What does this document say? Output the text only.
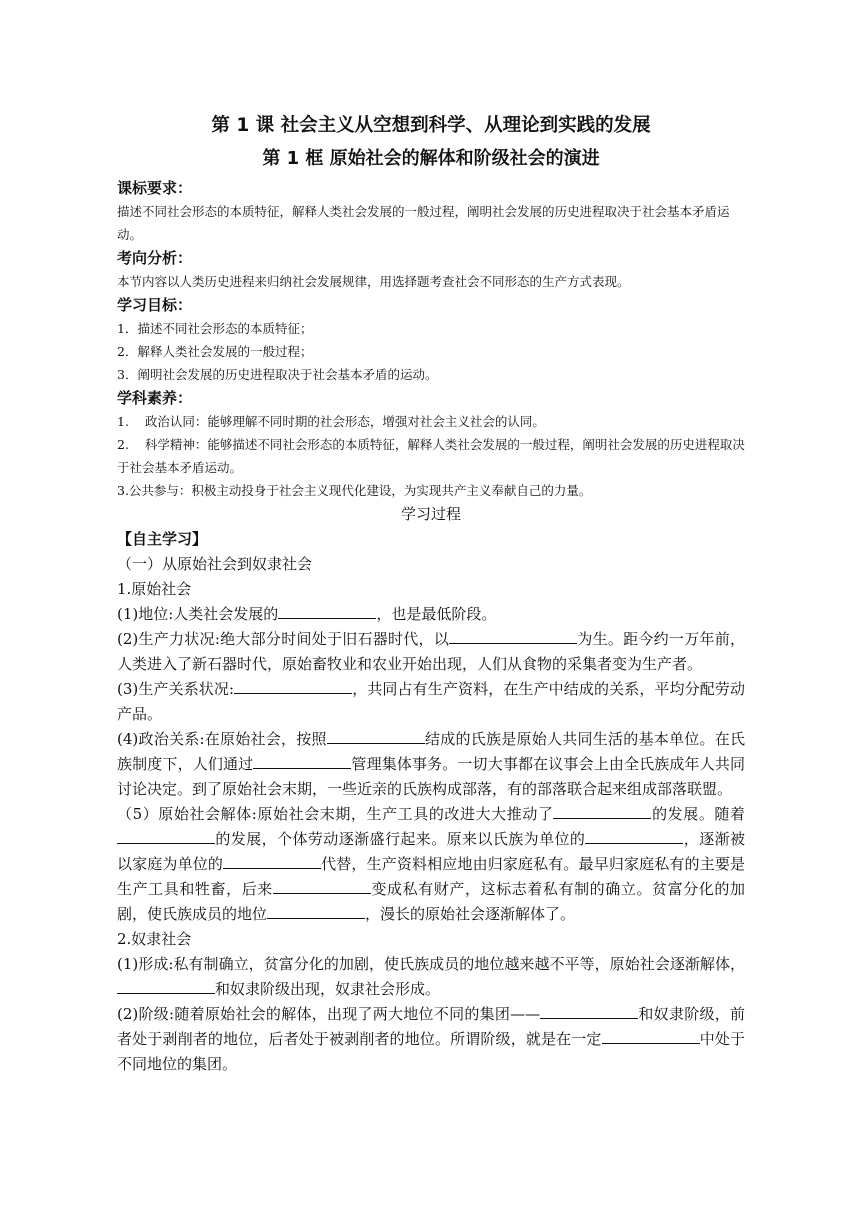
第 1 课 社会主义从空想到科学、从理论到实践的发展
第 1 框 原始社会的解体和阶级社会的演进
课标要求：

描述不同社会形态的本质特征，解释人类社会发展的一般过程，阐明社会发展的历史进程取决于社会基本矛盾运动。

考向分析：

本节内容以人类历史进程来归纳社会发展规律，用选择题考查社会不同形态的生产方式表现。

学习目标：

1．描述不同社会形态的本质特征；

2．解释人类社会发展的一般过程；

3．阐明社会发展的历史进程取决于社会基本矛盾的运动。

学科素养：

1.    政治认同：能够理解不同时期的社会形态，增强对社会主义社会的认同。

2.    科学精神：能够描述不同社会形态的本质特征，解释人类社会发展的一般过程，阐明社会发展的历史进程取决于社会基本矛盾运动。

3.公共参与：积极主动投身于社会主义现代化建设，为实现共产主义奉献自己的力量。

学习过程

【自主学习】

（一）从原始社会到奴隶社会

1.原始社会

(1)地位:人类社会发展的	，也是最低阶段。

(2)生产力状况:绝大部分时间处于旧石器时代，以	为生。距今约一万年前，人类进入了新石器时代，原始畜牧业和农业开始出现，人们从食物的采集者变为生产者。

(3)生产关系状况:	，共同占有生产资料，在生产中结成的关系，平均分配劳动产品。

(4)政治关系:在原始社会，按照	结成的氏族是原始人共同生活的基本单位。在氏族制度下，人们通过	管理集体事务。一切大事都在议事会上由全氏族成年人共同讨论决定。到了原始社会末期，一些近亲的氏族构成部落，有的部落联合起来组成部落联盟。

（5）原始社会解体:原始社会末期，生产工具的改进大大推动了	的发展。随着的发展，个体劳动逐渐盛行起来。原来以氏族为单位的	，逐渐被以家庭为单位的	代替，生产资料相应地由归家庭私有。最早归家庭私有的主要是生产工具和牲畜，后来	变成私有财产，这标志着私有制的确立。贫富分化的加剧，使氏族成员的地位	，漫长的原始社会逐渐解体了。

2.奴隶社会

(1)形成:私有制确立，贫富分化的加剧，使氏族成员的地位越来越不平等，原始社会逐渐解体，和奴隶阶级出现，奴隶社会形成。

(2)阶级:随着原始社会的解体，出现了两大地位不同的集团——	和奴隶阶级，前者处于剥削者的地位，后者处于被剥削者的地位。所谓阶级，就是在一定	中处于不同地位的集团。
